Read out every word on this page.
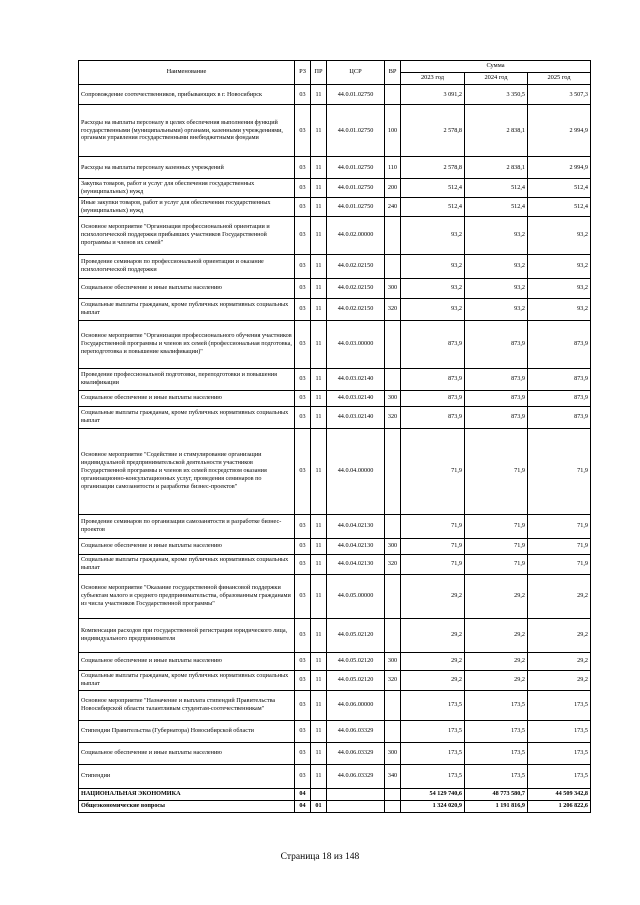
Наименование	РЗ	ПР	ЦСР	ВР	Сумма		
					2023 год	2024 год	2025 год
Сопровождение соотечественников, прибывающих в г. Новосибирск	03	11	44.0.01.02750		3 091,2	3 350,5	3 507,3
Расходы на выплаты персоналу в целях обеспечения выполнения функций государственными (муниципальными) органами, казенными учреждениями, органами управления государственными внебюджетными фондами	03	11	44.0.01.02750	100	2 578,8	2 838,1	2 994,9
Расходы на выплаты персоналу казенных учреждений	03	11	44.0.01.02750	110	2 578,8	2 838,1	2 994,9
Закупка товаров, работ и услуг для обеспечения государственных (муниципальных) нужд	03	11	44.0.01.02750	200	512,4	512,4	512,4
Иные закупки товаров, работ и услуг для обеспечения государственных (муниципальных) нужд	03	11	44.0.01.02750	240	512,4	512,4	512,4
Основное мероприятие "Организация профессиональной ориентации и психологической поддержки прибывших участников Государственной программы и членов их семей"	03	11	44.0.02.00000		93,2	93,2	93,2
Проведение семинаров по профессиональной ориентации и оказание психологической поддержки	03	11	44.0.02.02150		93,2	93,2	93,2
Социальное обеспечение и иные выплаты населению	03	11	44.0.02.02150	300	93,2	93,2	93,2
Социальные выплаты гражданам, кроме публичных нормативных социальных выплат	03	11	44.0.02.02150	320	93,2	93,2	93,2
Основное мероприятие "Организация профессионального обучения участников Государственной программы и членов их семей (профессиональная подготовка, переподготовка и повышение квалификации)"	03	11	44.0.03.00000		873,9	873,9	873,9
Проведение профессиональной подготовки, переподготовки и повышения квалификации	03	11	44.0.03.02140		873,9	873,9	873,9
Социальное обеспечение и иные выплаты населению	03	11	44.0.03.02140	300	873,9	873,9	873,9
Социальные выплаты гражданам, кроме публичных нормативных социальных выплат	03	11	44.0.03.02140	320	873,9	873,9	873,9
Основное мероприятие "Содействие и стимулирование организации индивидуальной предпринимательской деятельности участников Государственной программы и членов их семей посредством оказания организационно-консультационных услуг, проведения семинаров по организации самозанятости и разработке бизнес-проектов"	03	11	44.0.04.00000		71,9	71,9	71,9
Проведение семинаров по организации самозанятости и разработке бизнес-проектов	03	11	44.0.04.02130		71,9	71,9	71,9
Социальное обеспечение и иные выплаты населению	03	11	44.0.04.02130	300	71,9	71,9	71,9
Социальные выплаты гражданам, кроме публичных нормативных социальных выплат	03	11	44.0.04.02130	320	71,9	71,9	71,9
Основное мероприятие "Оказание государственной финансовой поддержки субъектам малого и среднего предпринимательства, образованным гражданами из числа участников Государственной программы"	03	11	44.0.05.00000		29,2	29,2	29,2
Компенсация расходов при государственной регистрации юридического лица, индивидуального предпринимателя	03	11	44.0.05.02120		29,2	29,2	29,2
Социальное обеспечение и иные выплаты населению	03	11	44.0.05.02120	300	29,2	29,2	29,2
Социальные выплаты гражданам, кроме публичных нормативных социальных выплат	03	11	44.0.05.02120	320	29,2	29,2	29,2
Основное мероприятие "Назначение и выплата стипендий Правительства Новосибирской области талантливым студентам-соотечественникам"	03	11	44.0.06.00000		173,5	173,5	173,5
Стипендии Правительства (Губернатора) Новосибирской области	03	11	44.0.06.03329		173,5	173,5	173,5
Социальное обеспечение и иные выплаты населению	03	11	44.0.06.03329	300	173,5	173,5	173,5
Стипендии	03	11	44.0.06.03329	340	173,5	173,5	173,5
НАЦИОНАЛЬНАЯ ЭКОНОМИКА	04				54 129 740,6	48 773 580,7	44 509 342,8
Общеэкономические вопросы	04	01			1 324 020,9	1 191 816,9	1 206 822,6
Страница 18 из 148
